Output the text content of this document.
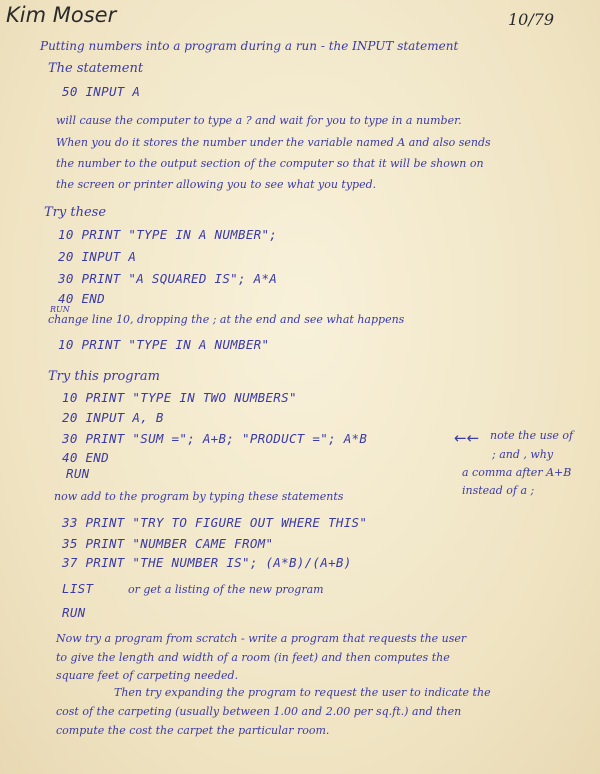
Kim Moser	10/79
Putting numbers into a program during a run - the INPUT statement
The statement
50 INPUT A
will cause the computer to type a ? and wait for you to type in a number.
When you do it stores the number under the variable named A and also sends
the number to the output section of the computer so that it will be shown on
the screen or printer allowing you to see what you typed.
Try these
10 PRINT "TYPE IN A NUMBER";
20 INPUT A
30 PRINT "A SQUARED IS"; A*A
40 END
RUN
change line 10, dropping the ; at the end and see what happens
10 PRINT "TYPE IN A NUMBER"
Try this program
10 PRINT "TYPE IN TWO NUMBERS"
20 INPUT A, B
30 PRINT "SUM ="; A+B; "PRODUCT ="; A*B
40 END
RUN
←← note the use of
; and , why
a comma after A+B
instead of a ;
now add to the program by typing these statements
33 PRINT "TRY TO FIGURE OUT WHERE THIS"
35 PRINT "NUMBER CAME FROM"
37 PRINT "THE NUMBER IS"; (A*B)/(A+B)
LIST	or get a listing of the new program
RUN
Now try a program from scratch - write a program that requests the user
to give the length and width of a room (in feet) and then computes the
square feet of carpeting needed.
Then try expanding the program to request the user to indicate the
cost of the carpeting (usually between 1.00 and 2.00 per sq.ft.) and then
compute the cost the carpet the particular room.
